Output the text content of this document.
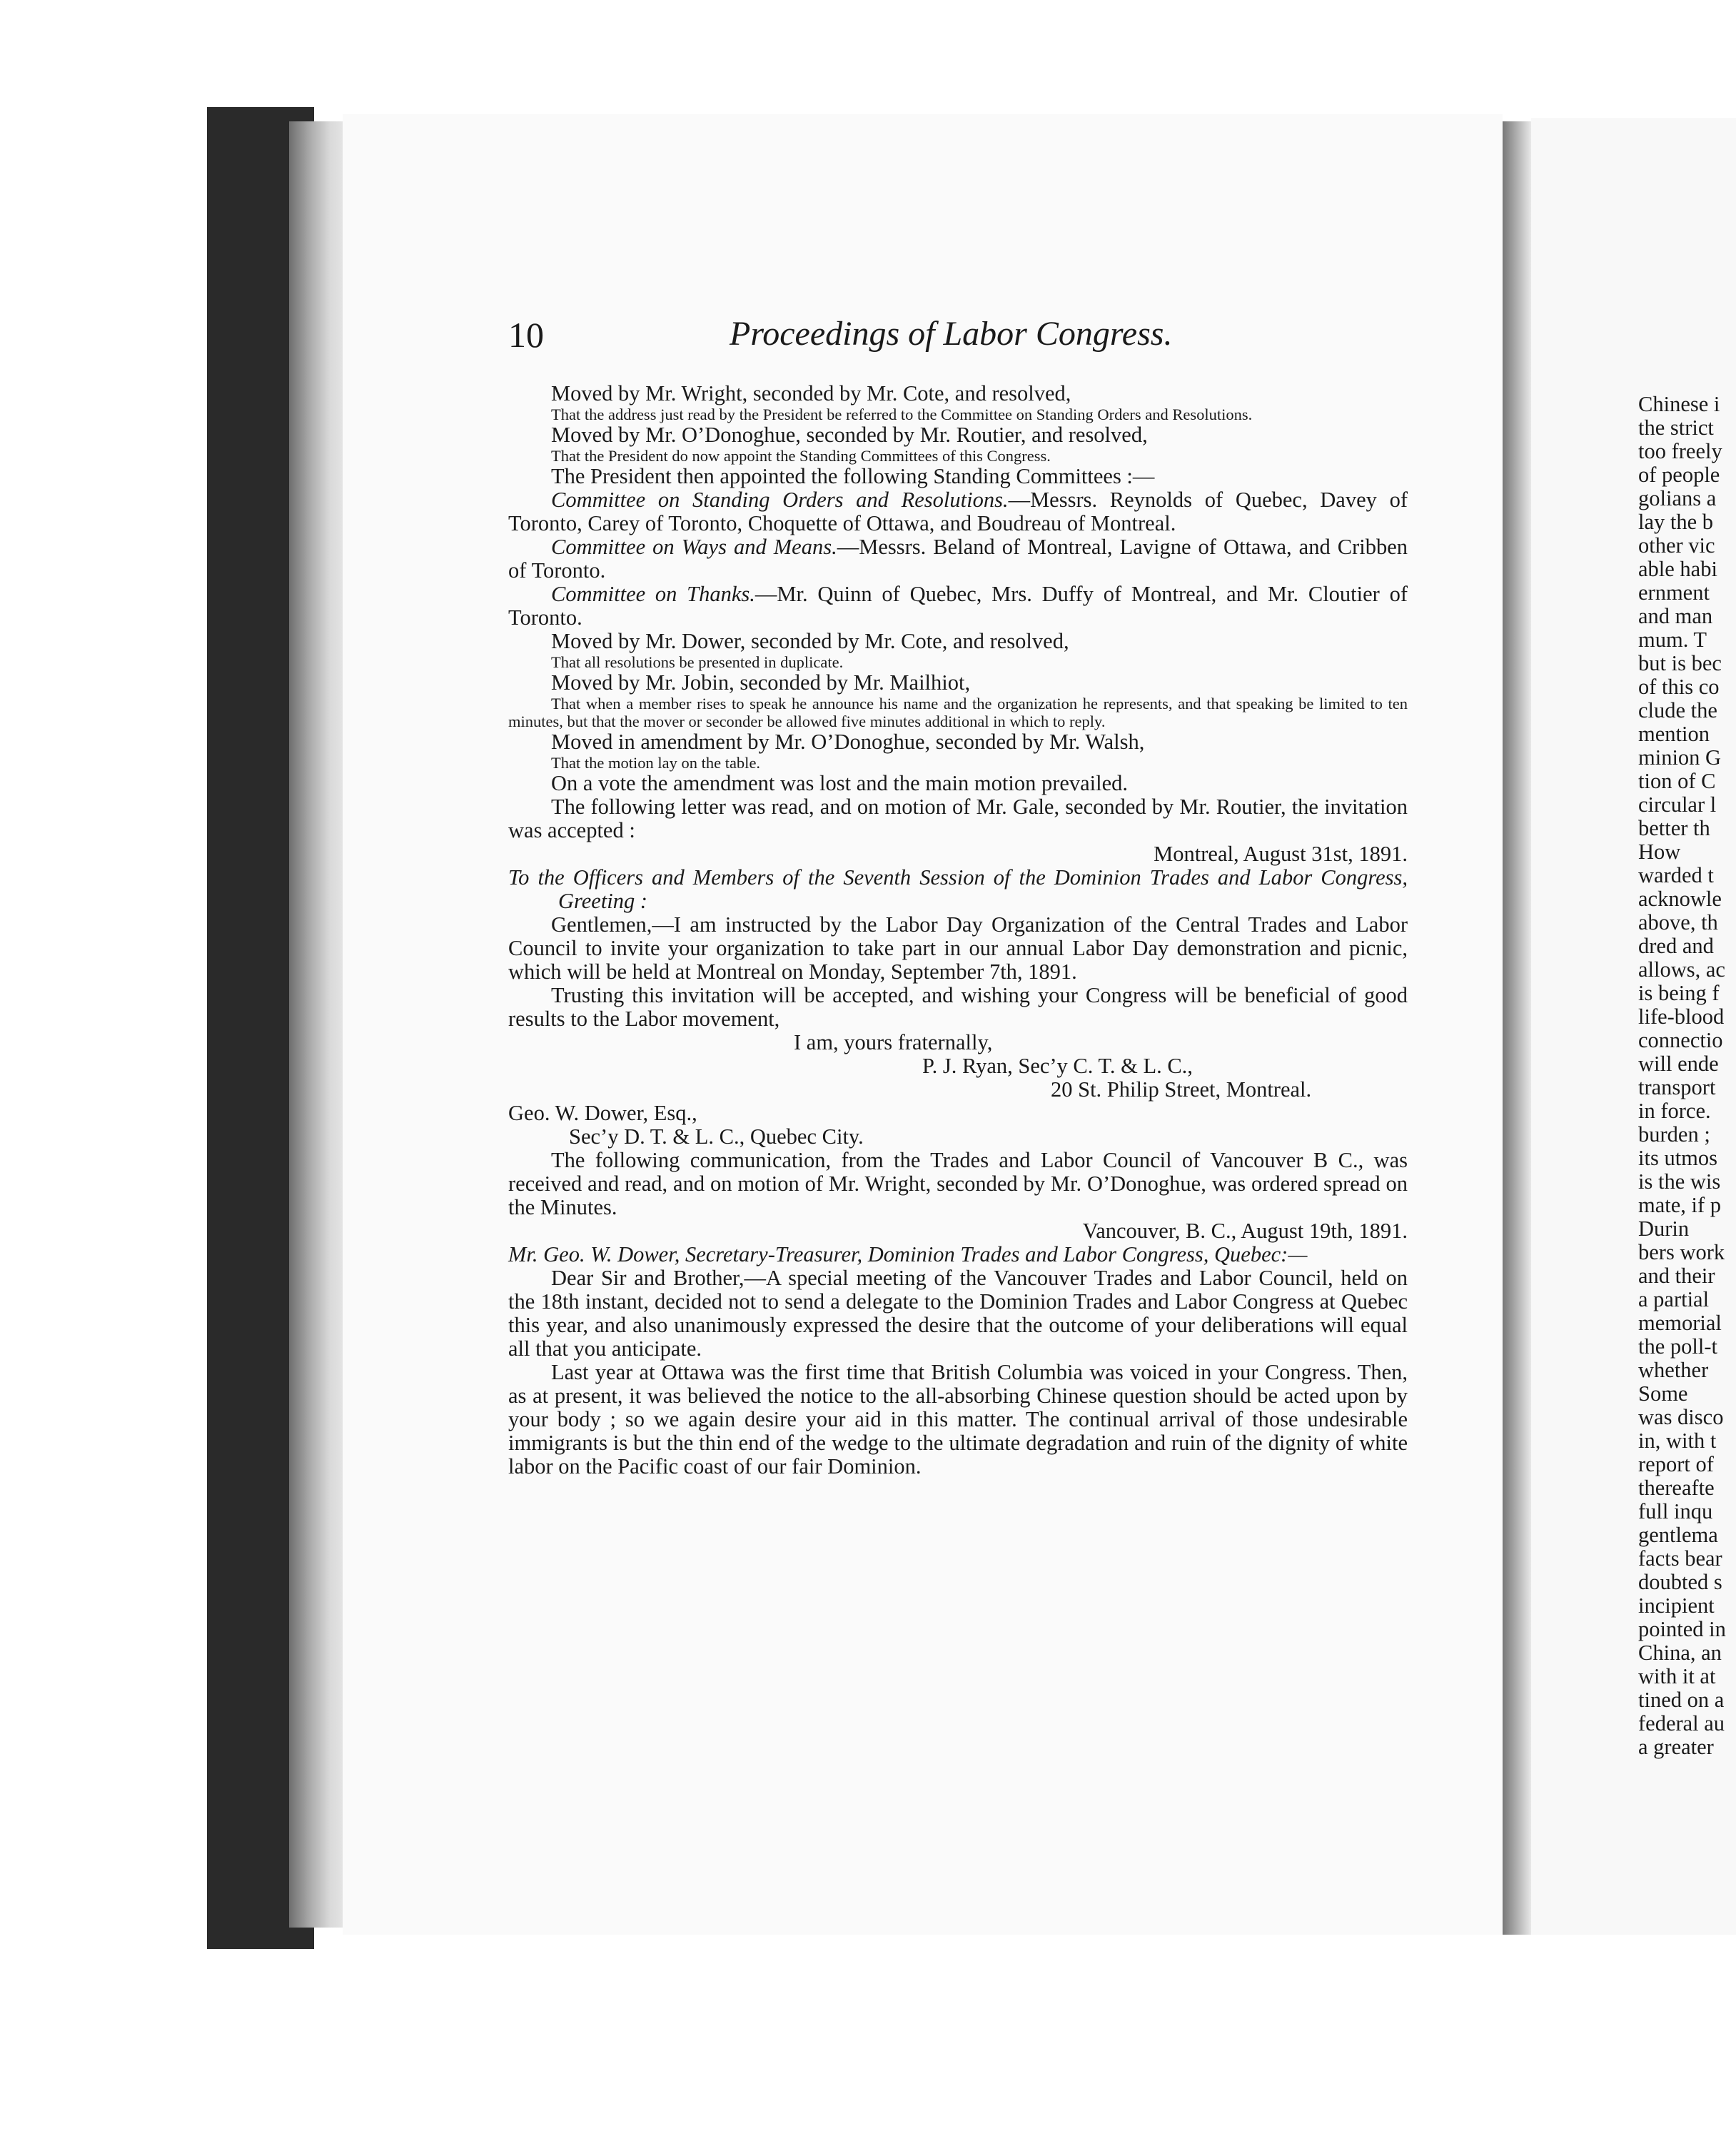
10	Proceedings of Labor Congress.

Moved by Mr. Wright, seconded by Mr. Cote, and resolved,

That the address just read by the President be referred to the Committee on Standing Orders and Resolutions.

Moved by Mr. O’Donoghue, seconded by Mr. Routier, and resolved,

That the President do now appoint the Standing Committees of this Congress.

The President then appointed the following Standing Committees :—

Committee on Standing Orders and Resolutions.—Messrs. Reynolds of Quebec, Davey of Toronto, Carey of Toronto, Choquette of Ottawa, and Boudreau of Montreal.

Committee on Ways and Means.—Messrs. Beland of Montreal, Lavigne of Ottawa, and Cribben of Toronto.

Committee on Thanks.—Mr. Quinn of Quebec, Mrs. Duffy of Montreal, and Mr. Cloutier of Toronto.

Moved by Mr. Dower, seconded by Mr. Cote, and resolved,

That all resolutions be presented in duplicate.

Moved by Mr. Jobin, seconded by Mr. Mailhiot,

That when a member rises to speak he announce his name and the organization he represents, and that speaking be limited to ten minutes, but that the mover or seconder be allowed five minutes additional in which to reply.

Moved in amendment by Mr. O’Donoghue, seconded by Mr. Walsh,

That the motion lay on the table.

On a vote the amendment was lost and the main motion prevailed.

The following letter was read, and on motion of Mr. Gale, seconded by Mr. Routier, the invitation was accepted :

Montreal, August 31st, 1891.

To the Officers and Members of the Seventh Session of the Dominion Trades and Labor Congress, Greeting :

Gentlemen,—I am instructed by the Labor Day Organization of the Central Trades and Labor Council to invite your organization to take part in our annual Labor Day demonstration and picnic, which will be held at Montreal on Monday, September 7th, 1891.

Trusting this invitation will be accepted, and wishing your Congress will be beneficial of good results to the Labor movement,

I am, yours fraternally,

P. J. Ryan, Sec’y C. T. & L. C.,

20 St. Philip Street, Montreal.

Geo. W. Dower, Esq.,

Sec’y D. T. & L. C., Quebec City.

The following communication, from the Trades and Labor Council of Vancouver B C., was received and read, and on motion of Mr. Wright, seconded by Mr. O’Donoghue, was ordered spread on the Minutes.

Vancouver, B. C., August 19th, 1891.

Mr. Geo. W. Dower, Secretary-Treasurer, Dominion Trades and Labor Congress, Quebec:—

Dear Sir and Brother,—A special meeting of the Vancouver Trades and Labor Council, held on the 18th instant, decided not to send a delegate to the Dominion Trades and Labor Congress at Quebec this year, and also unanimously expressed the desire that the outcome of your deliberations will equal all that you anticipate.

Last year at Ottawa was the first time that British Columbia was voiced in your Congress. Then, as at present, it was believed the notice to the all-absorbing Chinese question should be acted upon by your body ; so we again desire your aid in this matter. The continual arrival of those undesirable immigrants is but the thin end of the wedge to the ultimate degradation and ruin of the dignity of white labor on the Pacific coast of our fair Dominion.

Chinese i
the strict
too freely
of people
golians a
lay the b
other vic
able habi
ernment
and man
mum. T
but is bec
of this co
clude the
mention
minion G
tion of C
circular l
better th
How
warded t
acknowle
above, th
dred and
allows, ac
is being f
life-blood
connectio
will ende
transport
in force.
burden ;
its utmos
is the wis
mate, if p
Durin
bers work
and their
a partial
memorial
the poll-t
whether
Some
was disco
in, with t
report of
thereafte
full inqu
gentlema
facts bear
doubted s
incipient
pointed in
China, an
with it at
tined on a
federal au
a greater
